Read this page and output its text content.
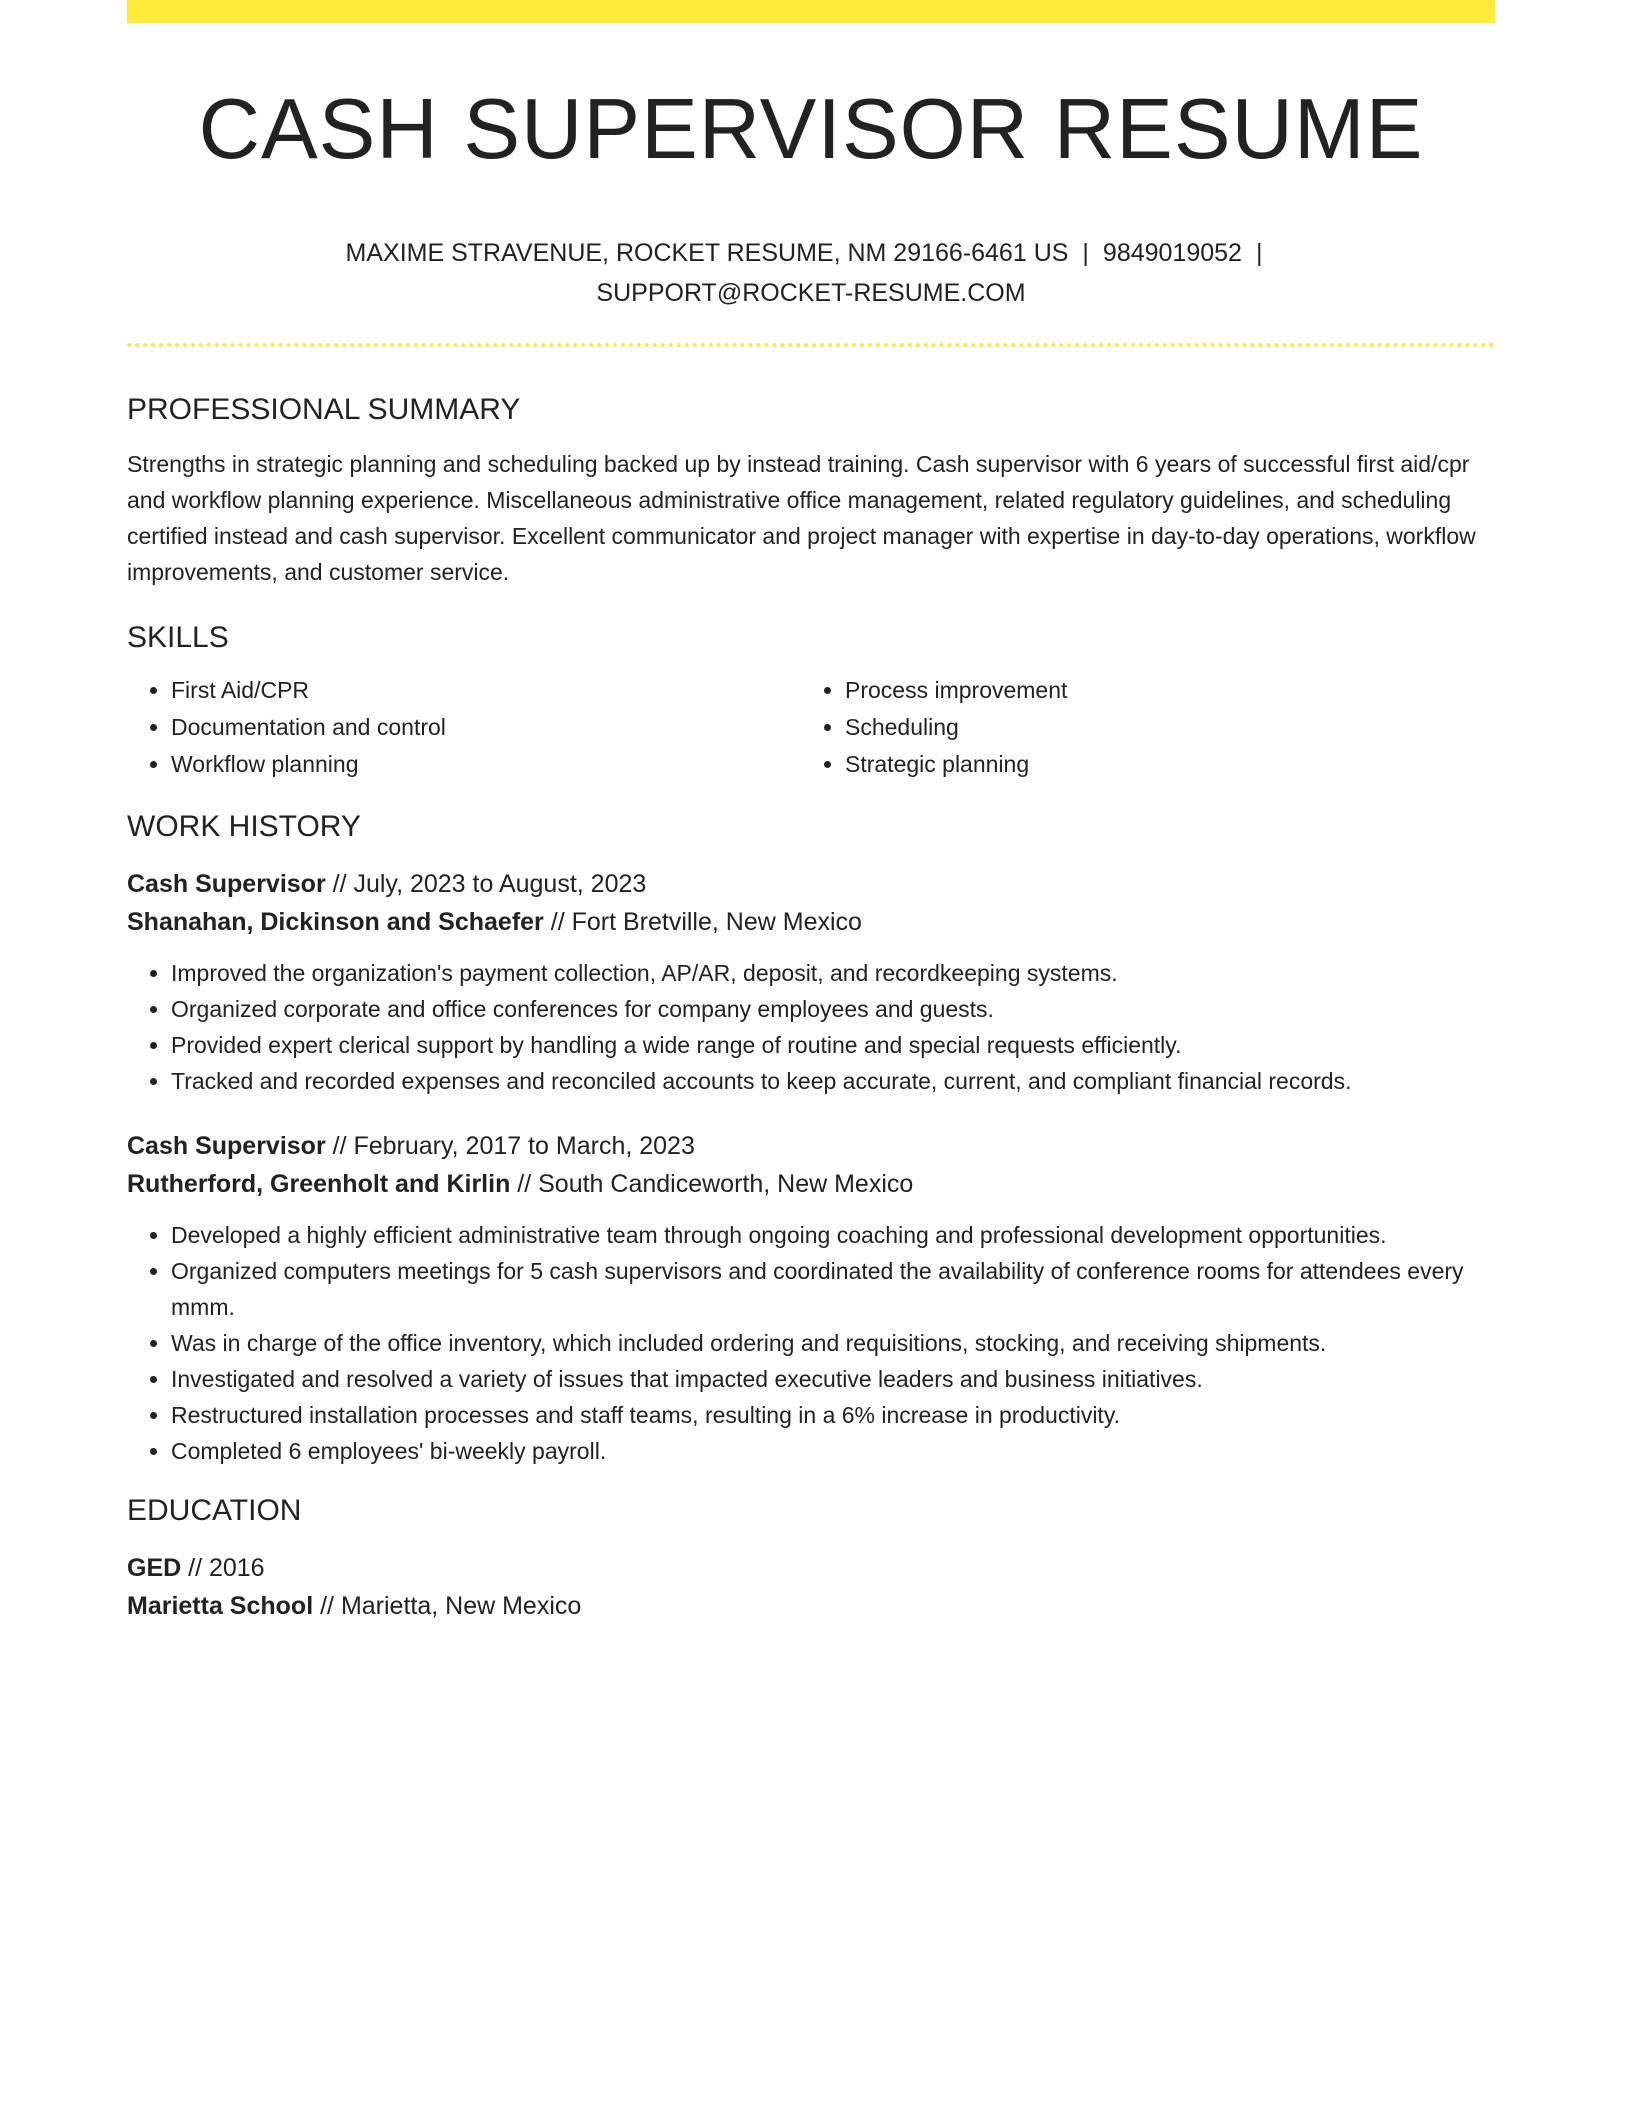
CASH SUPERVISOR RESUME
MAXIME STRAVENUE, ROCKET RESUME, NM 29166-6461 US | 9849019052 |
SUPPORT@ROCKET-RESUME.COM
PROFESSIONAL SUMMARY

Strengths in strategic planning and scheduling backed up by instead training. Cash supervisor with 6 years of successful first aid/cpr and workflow planning experience. Miscellaneous administrative office management, related regulatory guidelines, and scheduling certified instead and cash supervisor. Excellent communicator and project manager with expertise in day-to-day operations, workflow improvements, and customer service.

SKILLS
• First Aid/CPR
• Documentation and control
• Workflow planning
• Process improvement
• Scheduling
• Strategic planning
WORK HISTORY
Cash Supervisor // July, 2023 to August, 2023
Shanahan, Dickinson and Schaefer // Fort Bretville, New Mexico
• Improved the organization's payment collection, AP/AR, deposit, and recordkeeping systems.
• Organized corporate and office conferences for company employees and guests.
• Provided expert clerical support by handling a wide range of routine and special requests efficiently.
• Tracked and recorded expenses and reconciled accounts to keep accurate, current, and compliant financial records.
Cash Supervisor // February, 2017 to March, 2023
Rutherford, Greenholt and Kirlin // South Candiceworth, New Mexico
• Developed a highly efficient administrative team through ongoing coaching and professional development opportunities.
• Organized computers meetings for 5 cash supervisors and coordinated the availability of conference rooms for attendees every mmm.
• Was in charge of the office inventory, which included ordering and requisitions, stocking, and receiving shipments.
• Investigated and resolved a variety of issues that impacted executive leaders and business initiatives.
• Restructured installation processes and staff teams, resulting in a 6% increase in productivity.
• Completed 6 employees' bi-weekly payroll.
EDUCATION
GED // 2016
Marietta School // Marietta, New Mexico
